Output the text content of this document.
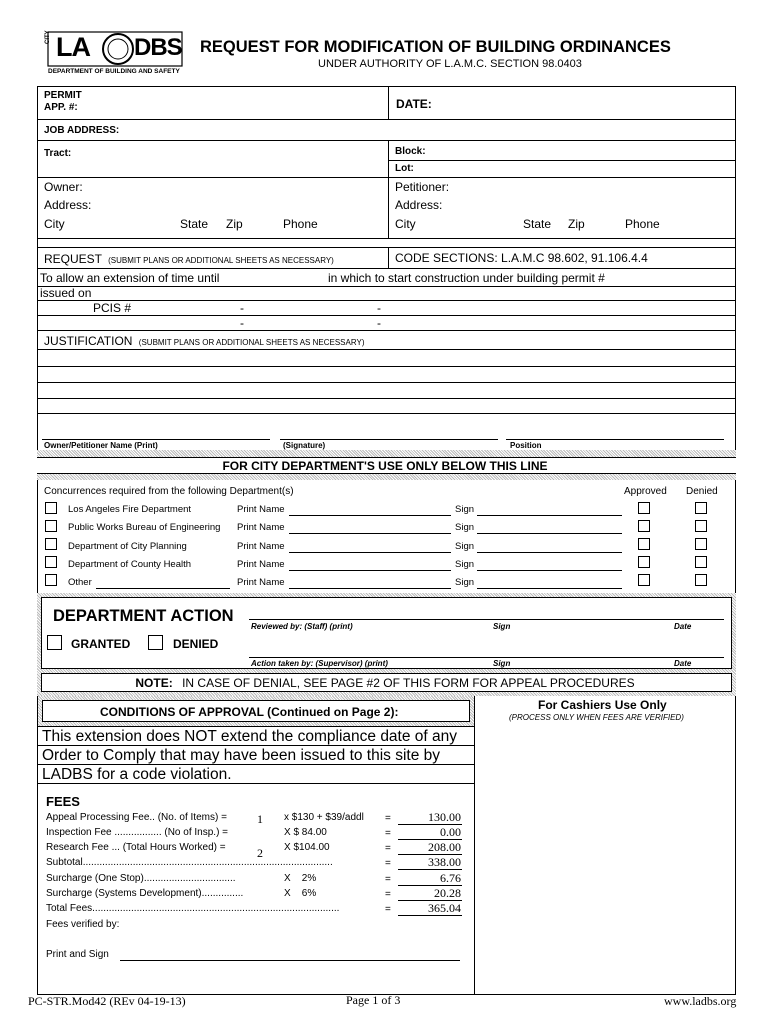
CITY LA DBS
DEPARTMENT OF BUILDING AND SAFETY
REQUEST FOR MODIFICATION OF BUILDING ORDINANCES
UNDER AUTHORITY OF L.A.M.C. SECTION 98.0403
PERMIT
APP. #:	DATE:
JOB ADDRESS:
Tract:	Block:
Lot:
Owner:
Address:
City	State Zip	Phone
Petitioner:
Address:
City	State Zip	Phone
REQUEST (SUBMIT PLANS OR ADDITIONAL SHEETS AS NECESSARY)	CODE SECTIONS: L.A.M.C 98.602, 91.106.4.4
To allow an extension of time until	in which to start construction under building permit #
issued on
PCIS #	-	-
-	-
JUSTIFICATION (SUBMIT PLANS OR ADDITIONAL SHEETS AS NECESSARY)
Owner/Petitioner Name (Print)	(Signature)	Position
FOR CITY DEPARTMENT'S USE ONLY BELOW THIS LINE
Concurrences required from the following Department(s)	Approved Denied
Los Angeles Fire Department	Print Name	Sign
Public Works Bureau of Engineering Print Name	Sign
Department of City Planning	Print Name	Sign
Department of County Health	Print Name	Sign
Other	Print Name	Sign
DEPARTMENT ACTION
GRANTED	DENIED
Reviewed by: (Staff) (print)	Sign	Date
Action taken by: (Supervisor) (print)	Sign	Date
NOTE: IN CASE OF DENIAL, SEE PAGE #2 OF THIS FORM FOR APPEAL PROCEDURES
CONDITIONS OF APPROVAL (Continued on Page 2):
This extension does NOT extend the compliance date of any
Order to Comply that may have been issued to this site by
LADBS for a code violation.
For Cashiers Use Only
(PROCESS ONLY WHEN FEES ARE VERIFIED)
FEES
Appeal Processing Fee.. (No. of Items) =	1 x $130 + $39/addl =	130.00
Inspection Fee ................. (No of Insp.) =	X $ 84.00	=	0.00
Research Fee ... (Total Hours Worked) =	2 X $104.00	=	208.00
Subtotal..........................................................................................	=	338.00
Surcharge (One Stop).................................	X    2%	=	6.76
Surcharge (Systems Development)...............	X    6%	=	20.28
Total Fees.........................................................................................	=	365.04
Fees verified by:
Print and Sign
PC-STR.Mod42 (REv 04-19-13)	Page 1 of 3	www.ladbs.org
